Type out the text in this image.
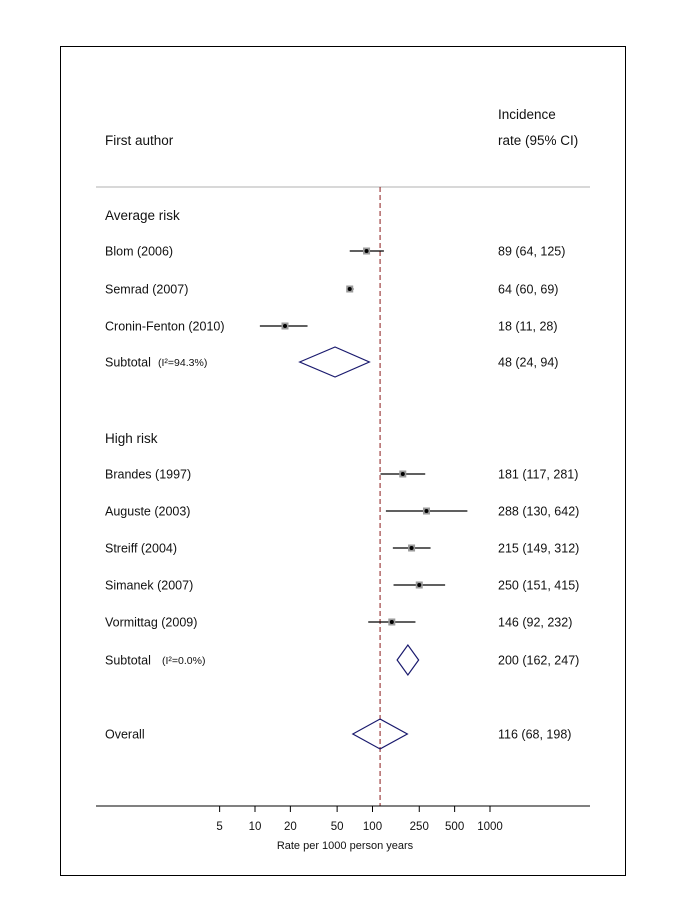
First author
Incidence
rate (95% CI)
Average risk
Blom (2006)	89 (64, 125)
Semrad (2007)	64 (60, 69)
Cronin-Fenton (2010)	18 (11, 28)
Subtotal (I²=94.3%)	48 (24, 94)
High risk
Brandes (1997)	181 (117, 281)
Auguste (2003)	288 (130, 642)
Streiff (2004)	215 (149, 312)
Simanek (2007)	250 (151, 415)
Vormittag (2009)	146 (92, 232)
Subtotal (I²=0.0%)	200 (162, 247)
Overall	116 (68, 198)
5 10 20	50 100 250 500 1000
Rate per 1000 person years
